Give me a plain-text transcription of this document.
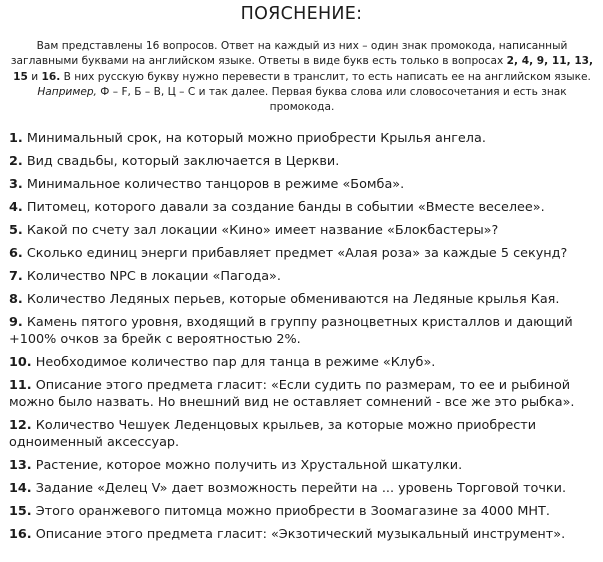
ПОЯСНЕНИЕ:
Вам представлены 16 вопросов. Ответ на каждый из них – один знак промокода, написанный заглавными буквами на английском языке. Ответы в виде букв есть только в вопросах 2, 4, 9, 11, 13, 15 и 16. В них русскую букву нужно перевести в транслит, то есть написать ее на английском языке. Например, Ф – F, Б – B, Ц – C и так далее. Первая буква слова или словосочетания и есть знак промокода.
1. Минимальный срок, на который можно приобрести Крылья ангела.
2. Вид свадьбы, который заключается в Церкви.
3. Минимальное количество танцоров в режиме «Бомба».
4. Питомец, которого давали за создание банды в событии «Вместе веселее».
5. Какой по счету зал локации «Кино» имеет название «Блокбастеры»?
6. Сколько единиц энерги прибавляет предмет «Алая роза» за каждые 5 секунд?
7. Количество NPC в локации «Пагода».
8. Количество Ледяных перьев, которые обмениваются на Ледяные крылья Кая.
9. Камень пятого уровня, входящий в группу разноцветных кристаллов и дающий +100% очков за брейк с вероятностью 2%.
10. Необходимое количество пар для танца в режиме «Клуб».
11. Описание этого предмета гласит: «Если судить по размерам, то ее и рыбиной можно было назвать. Но внешний вид не оставляет сомнений - все же это рыбка».
12. Количество Чешуек Леденцовых крыльев, за которые можно приобрести одноименный аксессуар.
13. Растение, которое можно получить из Хрустальной шкатулки.
14. Задание «Делец V» дает возможность перейти на ... уровень Торговой точки.
15. Этого оранжевого питомца можно приобрести в Зоомагазине за 4000 МНТ.
16. Описание этого предмета гласит: «Экзотический музыкальный инструмент».
